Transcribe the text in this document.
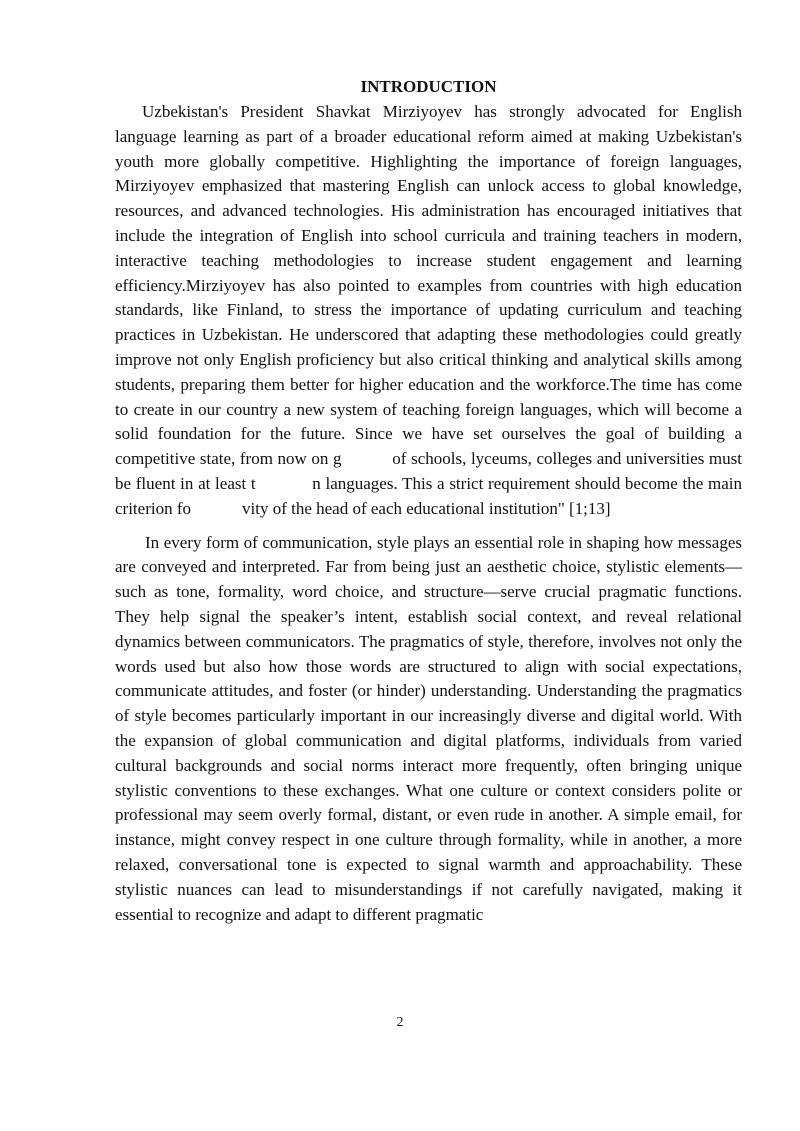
INTRODUCTION

Uzbekistan's President Shavkat Mirziyoyev has strongly advocated for English language learning as part of a broader educational reform aimed at making Uzbekistan's youth more globally competitive. Highlighting the importance of foreign languages, Mirziyoyev emphasized that mastering English can unlock access to global knowledge, resources, and advanced technologies. His administration has encouraged initiatives that include the integration of English into school curricula and training teachers in modern, interactive teaching methodologies to increase student engagement and learning efficiency.Mirziyoyev has also pointed to examples from countries with high education standards, like Finland, to stress the importance of updating curriculum and teaching practices in Uzbekistan. He underscored that adapting these methodologies could greatly improve not only English proficiency but also critical thinking and analytical skills among students, preparing them better for higher education and the workforce.The time has come to create in our country a new system of teaching foreign languages, which will become a solid foundation for the future. Since we have set ourselves the goal of building a competitive state, from now on g           of schools, lyceums, colleges and universities must be fluent in at least t            n languages. This a strict requirement should become the main criterion fo            vity of the head of each educational institution" [1;13]

In every form of communication, style plays an essential role in shaping how messages are conveyed and interpreted. Far from being just an aesthetic choice, stylistic elements—such as tone, formality, word choice, and structure—serve crucial pragmatic functions. They help signal the speaker’s intent, establish social context, and reveal relational dynamics between communicators. The pragmatics of style, therefore, involves not only the words used but also how those words are structured to align with social expectations, communicate attitudes, and foster (or hinder) understanding. Understanding the pragmatics of style becomes particularly important in our increasingly diverse and digital world. With the expansion of global communication and digital platforms, individuals from varied cultural backgrounds and social norms interact more frequently, often bringing unique stylistic conventions to these exchanges. What one culture or context considers polite or professional may seem overly formal, distant, or even rude in another. A simple email, for instance, might convey respect in one culture through formality, while in another, a more relaxed, conversational tone is expected to signal warmth and approachability. These stylistic nuances can lead to misunderstandings if not carefully navigated, making it essential to recognize and adapt to different pragmatic

2
